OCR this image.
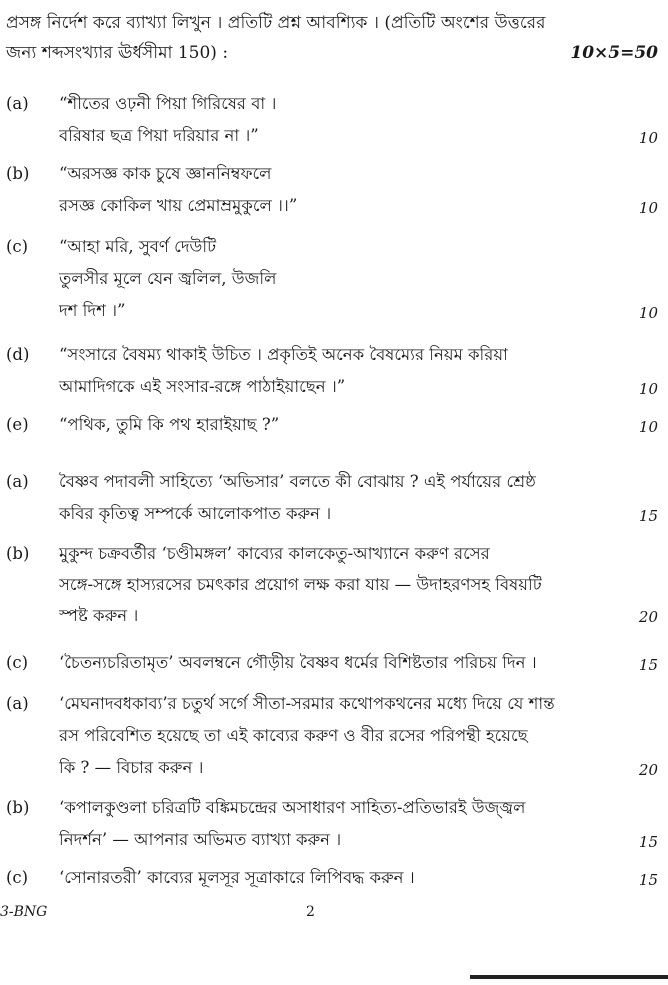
প্রসঙ্গ নির্দেশ করে ব্যাখ্যা লিখুন । প্রতিটি প্রশ্ন আবশ্যিক । (প্রতিটি অংশের উত্তরের
জন্য শব্দসংখ্যার ঊর্ধসীমা 150) :	10×5=50
(a) “শীতের ওঢ়নী পিয়া গিরিষের বা ।
বরিষার ছত্র পিয়া দরিয়ার না ।”	10
(b) “অরসজ্ঞ কাক চুষে জ্ঞাননিম্বফলে
রসজ্ঞ কোকিল খায় প্রেমাম্রমুকুলে ।।”	10
(c) “আহা মরি, সুবর্ণ দেউটি
তুলসীর মূলে যেন জ্বলিল, উজলি
দশ দিশ ।”	10
(d) “সংসারে বৈষম্য থাকাই উচিত । প্রকৃতিই অনেক বৈষম্যের নিয়ম করিয়া
আমাদিগকে এই সংসার-রঙ্গে পাঠাইয়াছেন ।”	10
(e) “পথিক, তুমি কি পথ হারাইয়াছ ?”	10
(a) বৈষ্ণব পদাবলী সাহিত্যে ‘অভিসার’ বলতে কী বোঝায় ? এই পর্যায়ের শ্রেষ্ঠ
কবির কৃতিত্ব সম্পর্কে আলোকপাত করুন ।	15
(b) মুকুন্দ চক্রবর্তীর ‘চণ্ডীমঙ্গল’ কাব্যের কালকেতু-আখ্যানে করুণ রসের
সঙ্গে-সঙ্গে হাস্যরসের চমৎকার প্রয়োগ লক্ষ করা যায় — উদাহরণসহ বিষয়টি
স্পষ্ট করুন ।	20
(c) ‘চৈতন্যচরিতামৃত’ অবলম্বনে গৌড়ীয় বৈষ্ণব ধর্মের বিশিষ্টতার পরিচয় দিন ।	15
(a) ‘মেঘনাদবধকাব্য’র চতুর্থ সর্গে সীতা-সরমার কথোপকথনের মধ্যে দিয়ে যে শান্ত
রস পরিবেশিত হয়েছে তা এই কাব্যের করুণ ও বীর রসের পরিপন্থী হয়েছে
কি ? — বিচার করুন ।	20
(b) ‘কপালকুণ্ডলা চরিত্রটি বঙ্কিমচন্দ্রের অসাধারণ সাহিত্য-প্রতিভারই উজ্জ্বল
নিদর্শন’ — আপনার অভিমত ব্যাখ্যা করুন ।	15
(c) ‘সোনারতরী’ কাব্যের মূলসূর সূত্রাকারে লিপিবদ্ধ করুন ।	15
3-BNG	2
